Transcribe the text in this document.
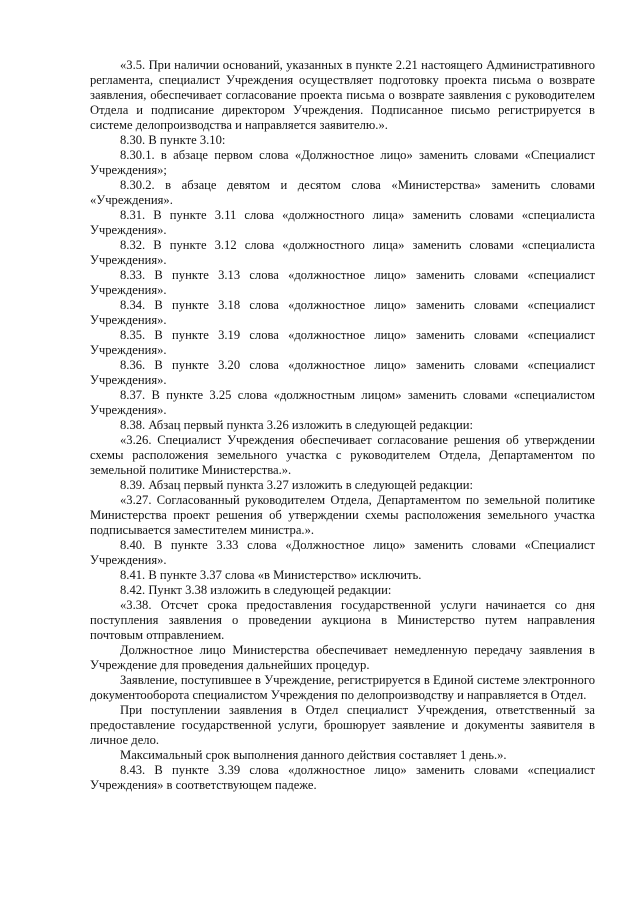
«3.5. При наличии оснований, указанных в пункте 2.21 настоящего Административного регламента, специалист Учреждения осуществляет подготовку проекта письма о возврате заявления, обеспечивает согласование проекта письма о возврате заявления с руководителем Отдела и подписание директором Учреждения. Подписанное письмо регистрируется в системе делопроизводства и направляется заявителю.».

8.30. В пункте 3.10:

8.30.1. в абзаце первом слова «Должностное лицо» заменить словами «Специалист Учреждения»;

8.30.2. в абзаце девятом и десятом слова «Министерства» заменить словами «Учреждения».

8.31. В пункте 3.11 слова «должностного лица» заменить словами «специалиста Учреждения».

8.32. В пункте 3.12 слова «должностного лица» заменить словами «специалиста Учреждения».

8.33. В пункте 3.13 слова «должностное лицо» заменить словами «специалист Учреждения».

8.34. В пункте 3.18 слова «должностное лицо» заменить словами «специалист Учреждения».

8.35. В пункте 3.19 слова «должностное лицо» заменить словами «специалист Учреждения».

8.36. В пункте 3.20 слова «должностное лицо» заменить словами «специалист Учреждения».

8.37. В пункте 3.25 слова «должностным лицом» заменить словами «специалистом Учреждения».

8.38. Абзац первый пункта 3.26 изложить в следующей редакции:

«3.26. Специалист Учреждения обеспечивает согласование решения об утверждении схемы расположения земельного участка с руководителем Отдела, Департаментом по земельной политике Министерства.».

8.39. Абзац первый пункта 3.27 изложить в следующей редакции:

«3.27. Согласованный руководителем Отдела, Департаментом по земельной политике Министерства проект решения об утверждении схемы расположения земельного участка подписывается заместителем министра.».

8.40. В пункте 3.33 слова «Должностное лицо» заменить словами «Специалист Учреждения».

8.41. В пункте 3.37 слова «в Министерство» исключить.

8.42. Пункт 3.38 изложить в следующей редакции:

«3.38. Отсчет срока предоставления государственной услуги начинается со дня поступления заявления о проведении аукциона в Министерство путем направления почтовым отправлением.

Должностное лицо Министерства обеспечивает немедленную передачу заявления в Учреждение для проведения дальнейших процедур.

Заявление, поступившее в Учреждение, регистрируется в Единой системе электронного документооборота специалистом Учреждения по делопроизводству и направляется в Отдел.

При поступлении заявления в Отдел специалист Учреждения, ответственный за предоставление государственной услуги, брошюрует заявление и документы заявителя в личное дело.

Максимальный срок выполнения данного действия составляет 1 день.».

8.43. В пункте 3.39 слова «должностное лицо» заменить словами «специалист Учреждения» в соответствующем падеже.
